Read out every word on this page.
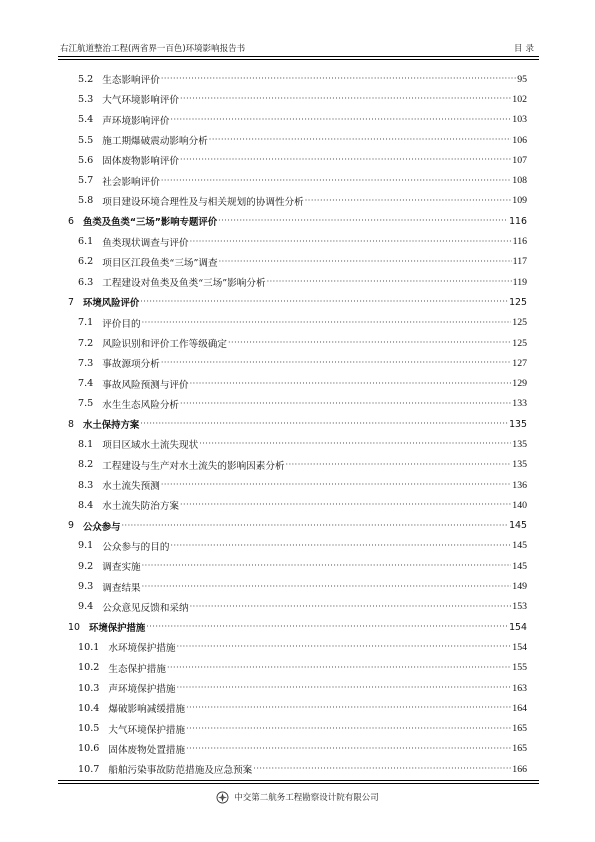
右江航道整治工程(两省界一百色)环境影响报告书	目录
5.2 生态影响评价 ·····	95
5.3 大气环境影响评价 ·····	102
5.4 声环境影响评价 ·····	103
5.5 施工期爆破震动影响分析 ·····	106
5.6 固体废物影响评价 ·····	107
5.7 社会影响评价 ·····	108
5.8 项目建设环境合理性及与相关规划的协调性分析 ·····	109
6 鱼类及鱼类“三场”影响专题评价 ·····	116
6.1 鱼类现状调查与评价 ·····	116
6.2 项目区江段鱼类“三场”调查 ·····	117
6.3 工程建设对鱼类及鱼类“三场”影响分析 ·····	119
7 环境风险评价 ·····	125
7.1 评价目的 ·····	125
7.2 风险识别和评价工作等级确定 ·····	125
7.3 事故源项分析 ·····	127
7.4 事故风险预测与评价 ·····	129
7.5 水生生态风险分析 ·····	133
8 水土保持方案 ·····	135
8.1 项目区域水土流失现状 ·····	135
8.2 工程建设与生产对水土流失的影响因素分析 ·····	135
8.3 水土流失预测 ·····	136
8.4 水土流失防治方案 ·····	140
9 公众参与 ·····	145
9.1 公众参与的目的 ·····	145
9.2 调查实施 ·····	145
9.3 调查结果 ·····	149
9.4 公众意见反馈和采纳 ·····	153
10 环境保护措施 ·····	154
10.1 水环境保护措施 ·····	154
10.2 生态保护措施 ·····	155
10.3 声环境保护措施 ·····	163
10.4 爆破影响减缓措施 ·····	164
10.5 大气环境保护措施 ·····	165
10.6 固体废物处置措施 ·····	165
10.7 船舶污染事故防范措施及应急预案 ·····	166
中交第二航务工程勘察设计院有限公司
